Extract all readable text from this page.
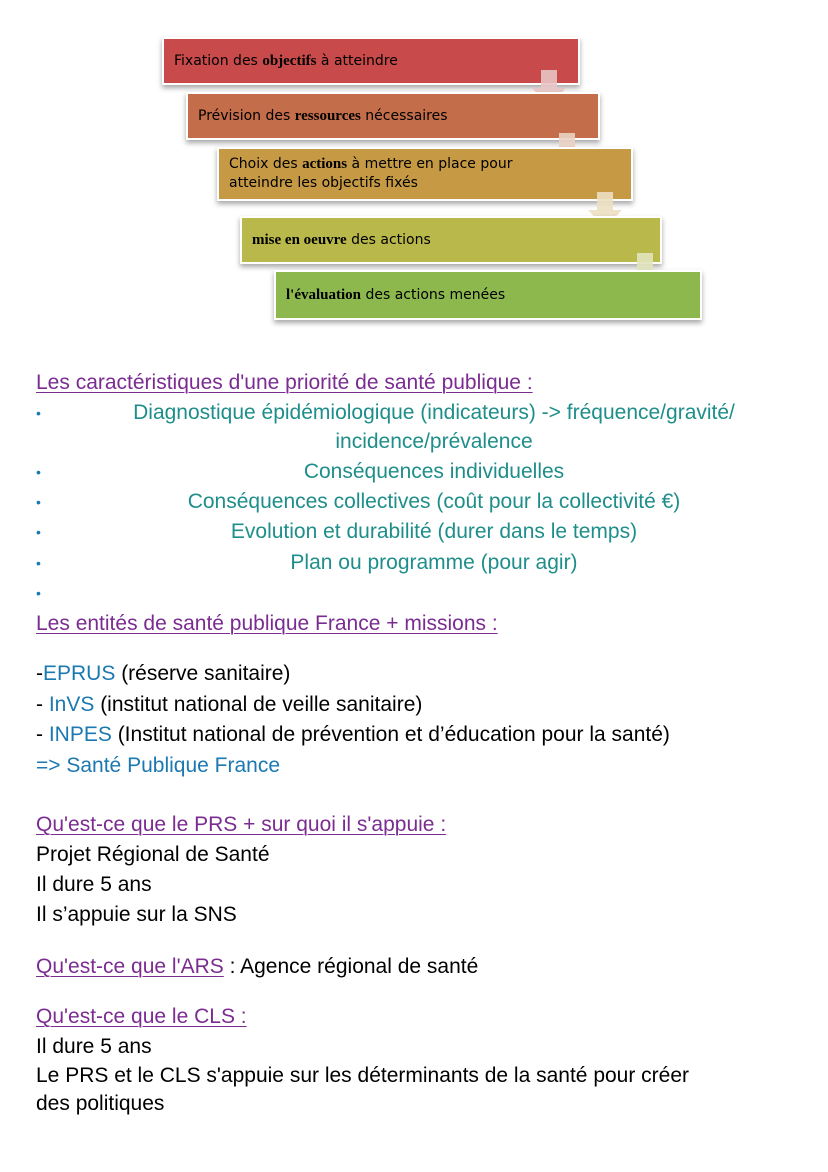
Fixation des objectifs à atteindre
Prévision des ressources nécessaires
Choix des actions à mettre en place pour
atteindre les objectifs fixés
mise en oeuvre des actions
l'évaluation des actions menées
Les caractéristiques d'une priorité de santé publique :
•	Diagnostique épidémiologique (indicateurs) -> fréquence/gravité/
incidence/prévalence
•	Conséquences individuelles
•	Conséquences collectives (coût pour la collectivité €)
•	Evolution et durabilité (durer dans le temps)
•	Plan ou programme (pour agir)
•
Les entités de santé publique France + missions :
-EPRUS (réserve sanitaire)
- InVS (institut national de veille sanitaire)
- INPES (Institut national de prévention et d’éducation pour la santé)
=> Santé Publique France
Qu'est-ce que le PRS + sur quoi il s'appuie :
Projet Régional de Santé
Il dure 5 ans
Il s’appuie sur la SNS
Qu'est-ce que l'ARS : Agence régional de santé
Qu'est-ce que le CLS :
Il dure 5 ans
Le PRS et le CLS s'appuie sur les déterminants de la santé pour créer
des politiques
